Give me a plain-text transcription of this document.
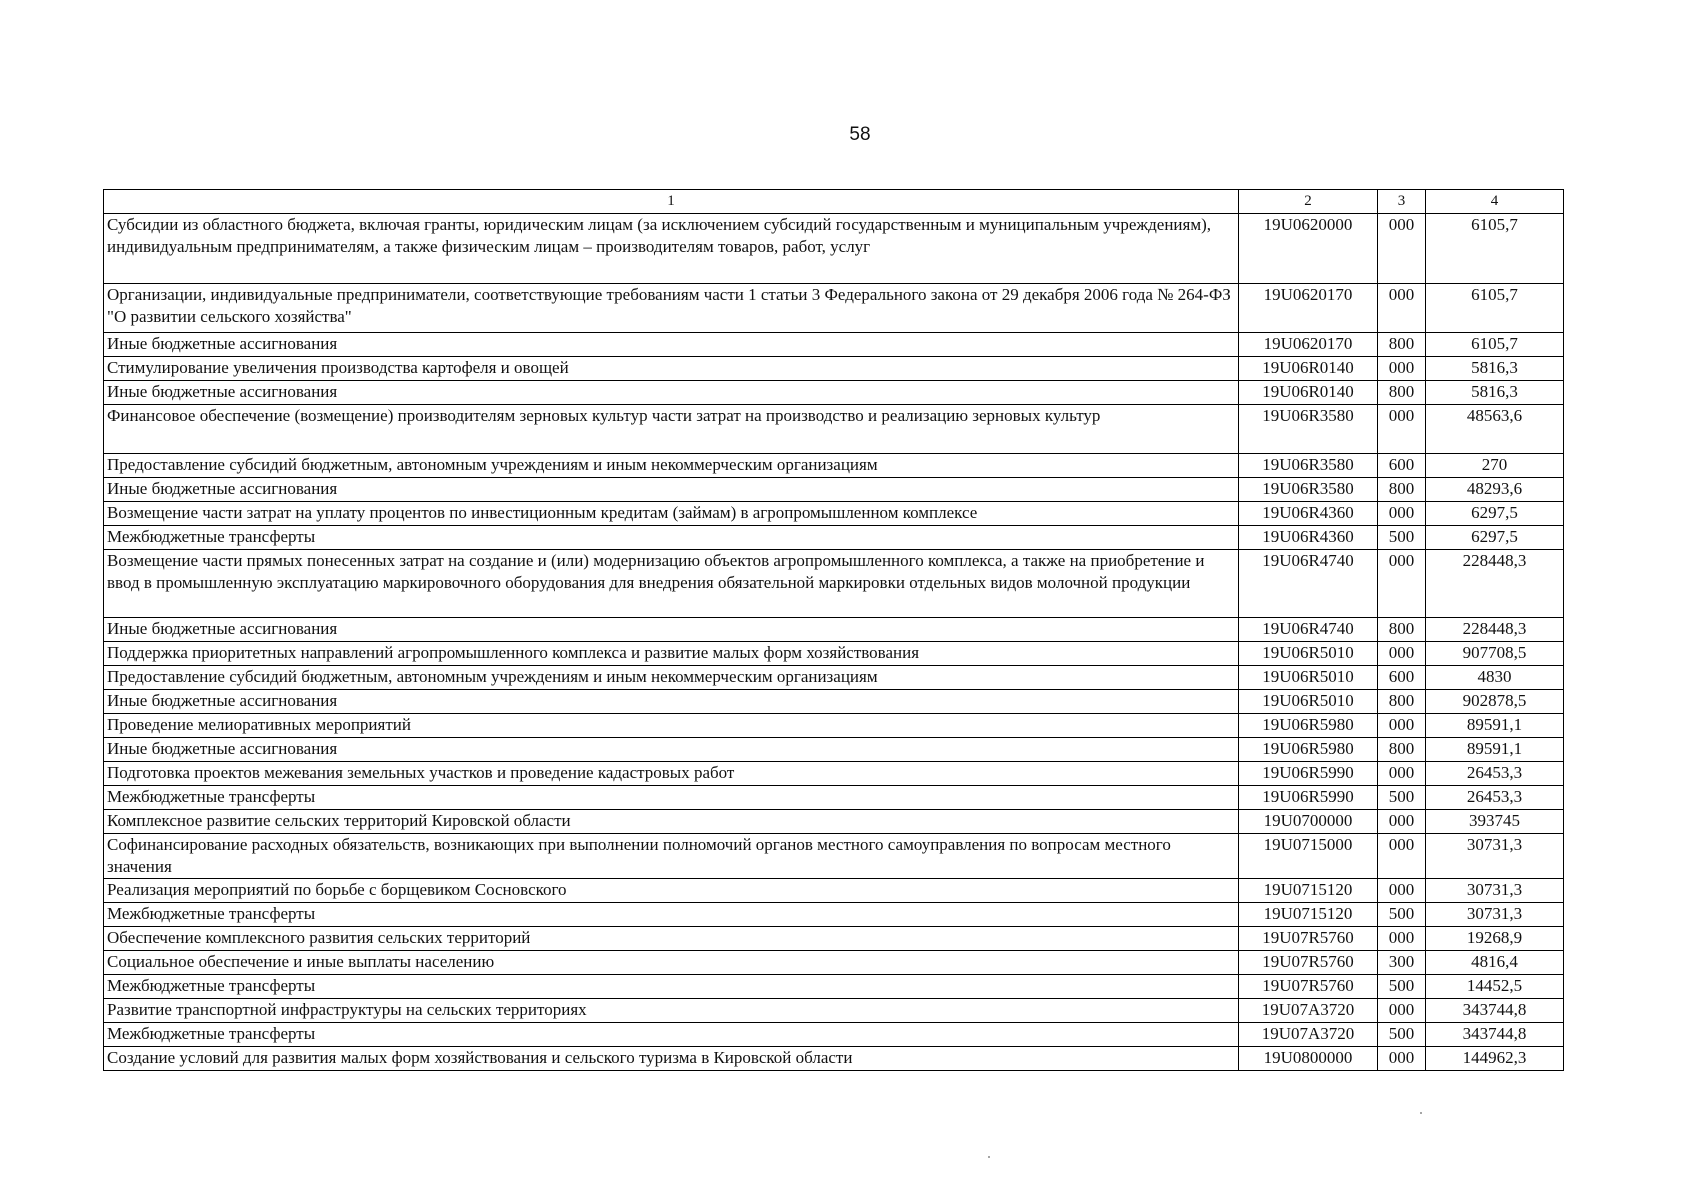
58
1	2	3	4
Субсидии из областного бюджета, включая гранты, юридическим лицам (за исключением субсидий государственным и муниципальным учреждениям), индивидуальным предпринимателям, а также физическим лицам – производителям товаров, работ, услуг	19U0620000	000	6105,7
Организации, индивидуальные предприниматели, соответствующие требованиям части 1 статьи 3 Федерального закона от 29 декабря 2006 года № 264-ФЗ "О развитии сельского хозяйства"	19U0620170	000	6105,7
Иные бюджетные ассигнования	19U0620170	800	6105,7
Стимулирование увеличения производства картофеля и овощей	19U06R0140	000	5816,3
Иные бюджетные ассигнования	19U06R0140	800	5816,3
Финансовое обеспечение (возмещение) производителям зерновых культур части затрат на производство и реализацию зерновых культур	19U06R3580	000	48563,6
Предоставление субсидий бюджетным, автономным учреждениям и иным некоммерческим организациям	19U06R3580	600	270
Иные бюджетные ассигнования	19U06R3580	800	48293,6
Возмещение части затрат на уплату процентов по инвестиционным кредитам (займам) в агропромышленном комплексе	19U06R4360	000	6297,5
Межбюджетные трансферты	19U06R4360	500	6297,5
Возмещение части прямых понесенных затрат на создание и (или) модернизацию объектов агропромышленного комплекса, а также на приобретение и ввод в промышленную эксплуатацию маркировочного оборудования для внедрения обязательной маркировки отдельных видов молочной продукции	19U06R4740	000	228448,3
Иные бюджетные ассигнования	19U06R4740	800	228448,3
Поддержка приоритетных направлений агропромышленного комплекса и развитие малых форм хозяйствования	19U06R5010	000	907708,5
Предоставление субсидий бюджетным, автономным учреждениям и иным некоммерческим организациям	19U06R5010	600	4830
Иные бюджетные ассигнования	19U06R5010	800	902878,5
Проведение мелиоративных мероприятий	19U06R5980	000	89591,1
Иные бюджетные ассигнования	19U06R5980	800	89591,1
Подготовка проектов межевания земельных участков и проведение кадастровых работ	19U06R5990	000	26453,3
Межбюджетные трансферты	19U06R5990	500	26453,3
Комплексное развитие сельских территорий Кировской области	19U0700000	000	393745
Софинансирование расходных обязательств, возникающих при выполнении полномочий органов местного самоуправления по вопросам местного значения	19U0715000	000	30731,3
Реализация мероприятий по борьбе с борщевиком Сосновского	19U0715120	000	30731,3
Межбюджетные трансферты	19U0715120	500	30731,3
Обеспечение комплексного развития сельских территорий	19U07R5760	000	19268,9
Социальное обеспечение и иные выплаты населению	19U07R5760	300	4816,4
Межбюджетные трансферты	19U07R5760	500	14452,5
Развитие транспортной инфраструктуры на сельских территориях	19U07A3720	000	343744,8
Межбюджетные трансферты	19U07A3720	500	343744,8
Создание условий для развития малых форм хозяйствования и сельского туризма в Кировской области	19U0800000	000	144962,3
